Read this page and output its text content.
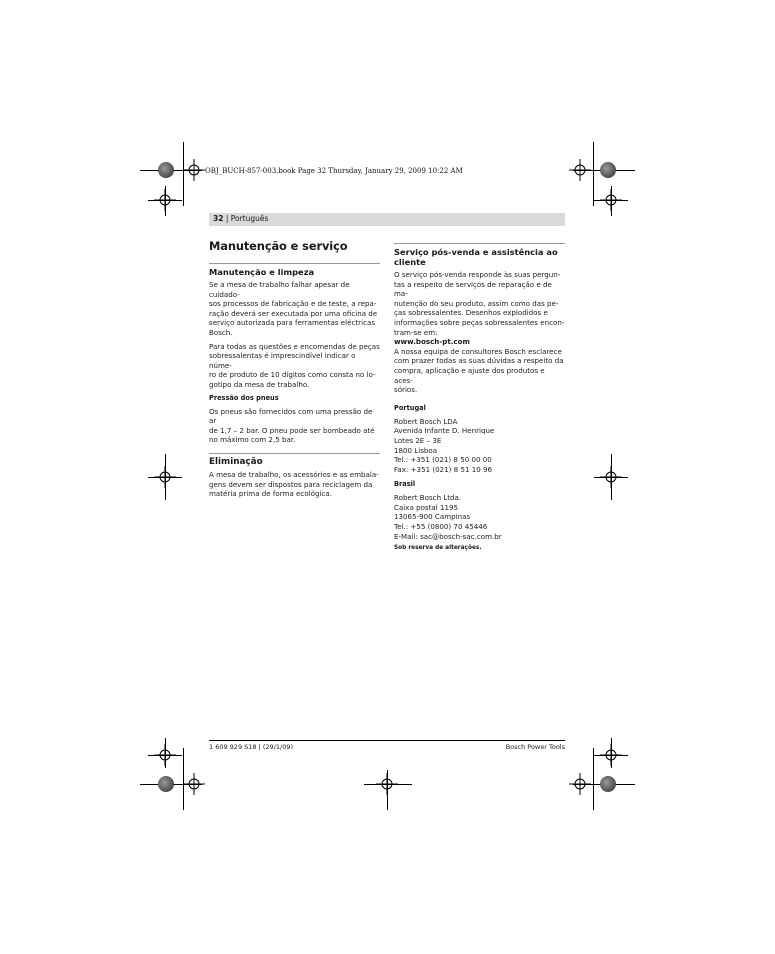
OBJ_BUCH-857-003.book Page 32 Thursday, January 29, 2009 10:22 AM
32 | Português
Manutenção e serviço
Manutenção e limpeza
Se a mesa de trabalho falhar apesar de cuidado-
sos processos de fabricação e de teste, a repa-
ração deverá ser executada por uma oficina de
serviço autorizada para ferramentas eléctricas
Bosch.
Para todas as questões e encomendas de peças
sobressalentas é imprescindível indicar o núme-
ro de produto de 10 dígitos como consta no lo-
gotipo da mesa de trabalho.
Pressão dos pneus
Os pneus são fornecidos com uma pressão de ar
de 1,7 – 2 bar. O pneu pode ser bombeado até
no máximo com 2,5 bar.
Eliminação
A mesa de trabalho, os acessórios e as embala-
gens devem ser dispostos para reciclagem da
matéria prima de forma ecológica.
Serviço pós-venda e assistência ao
cliente
O serviço pós-venda responde às suas pergun-
tas a respeito de serviços de reparação e de ma-
nutenção do seu produto, assim como das pe-
ças sobressalentes. Desenhos explodidos e
informações sobre peças sobressalentes encon-
tram-se em:
www.bosch-pt.com
A nossa equipa de consultores Bosch esclarece
com prazer todas as suas dúvidas a respeito da
compra, aplicação e ajuste dos produtos e aces-
sórios.
Portugal
Robert Bosch LDA
Avenida Infante D. Henrique
Lotes 2E – 3E
1800 Lisboa
Tel.: +351 (021) 8 50 00 00
Fax: +351 (021) 8 51 10 96
Brasil
Robert Bosch Ltda.
Caixa postal 1195
13065-900 Campinas
Tel.: +55 (0800) 70 45446
E-Mail: sac@bosch-sac.com.br
Sob reserva de alterações.
1 609 929 S18 | (29/1/09)	Bosch Power Tools
